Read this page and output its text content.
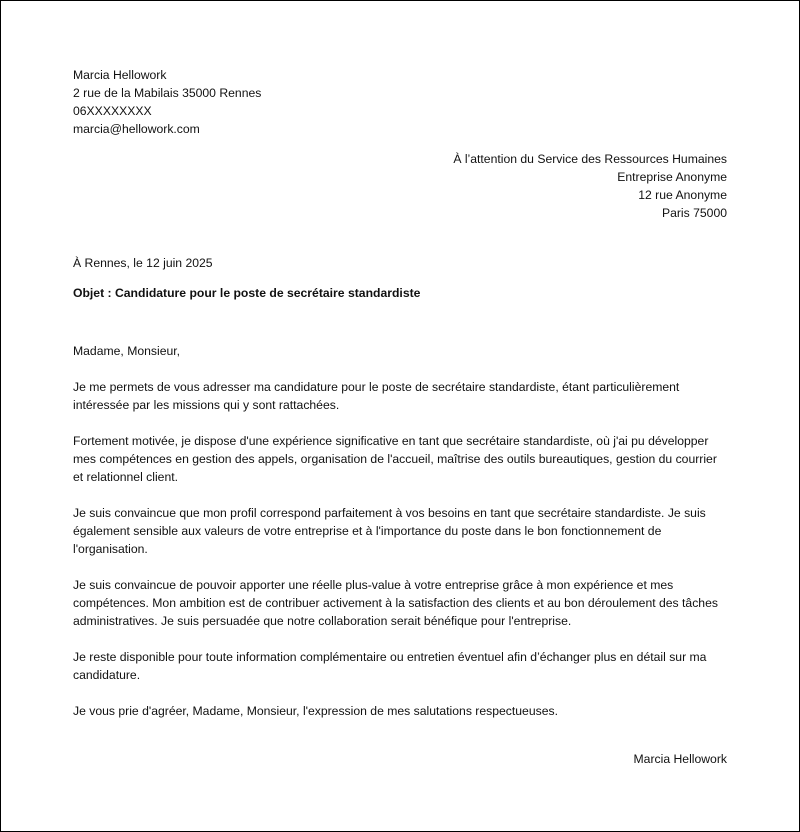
Marcia Hellowork
2 rue de la Mabilais 35000 Rennes
06XXXXXXXX
marcia@hellowork.com
À l’attention du Service des Ressources Humaines
Entreprise Anonyme
12 rue Anonyme
Paris 75000
À Rennes, le 12 juin 2025
Objet : Candidature pour le poste de secrétaire standardiste

Madame, Monsieur,

Je me permets de vous adresser ma candidature pour le poste de secrétaire standardiste, étant particulièrement intéressée par les missions qui y sont rattachées.

Fortement motivée, je dispose d'une expérience significative en tant que secrétaire standardiste, où j'ai pu développer mes compétences en gestion des appels, organisation de l'accueil, maîtrise des outils bureautiques, gestion du courrier et relationnel client.

Je suis convaincue que mon profil correspond parfaitement à vos besoins en tant que secrétaire standardiste. Je suis également sensible aux valeurs de votre entreprise et à l'importance du poste dans le bon fonctionnement de l'organisation.

Je suis convaincue de pouvoir apporter une réelle plus-value à votre entreprise grâce à mon expérience et mes compétences. Mon ambition est de contribuer activement à la satisfaction des clients et au bon déroulement des tâches administratives. Je suis persuadée que notre collaboration serait bénéfique pour l'entreprise.

Je reste disponible pour toute information complémentaire ou entretien éventuel afin d’échanger plus en détail sur ma candidature.

Je vous prie d'agréer, Madame, Monsieur, l'expression de mes salutations respectueuses.

Marcia Hellowork
